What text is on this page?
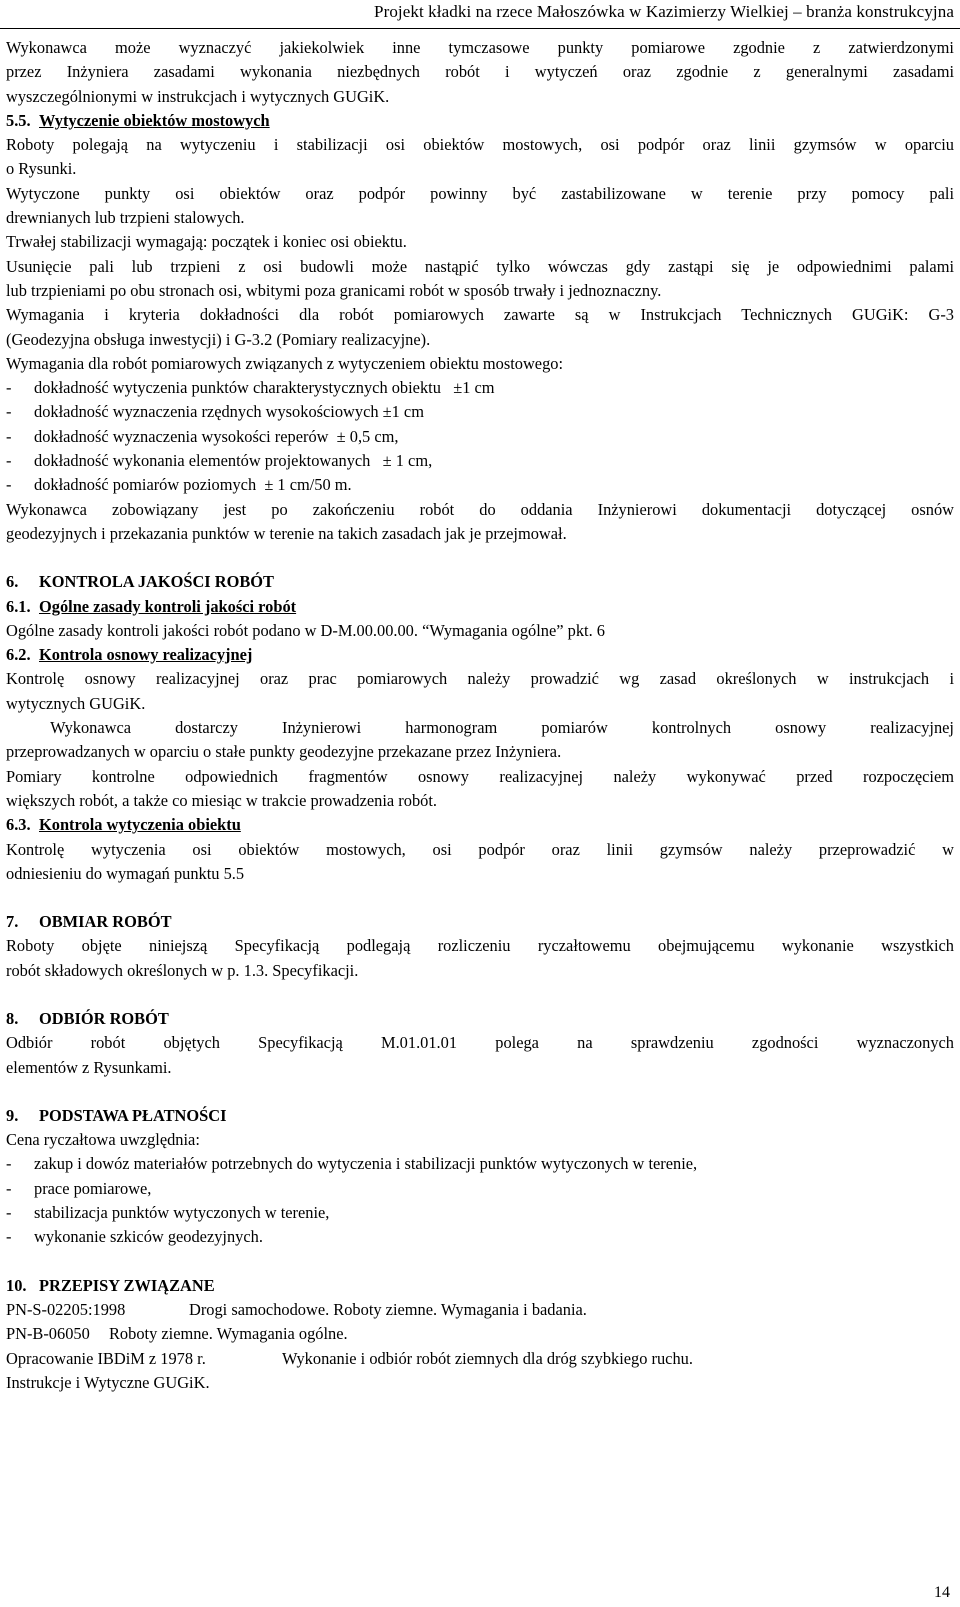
Projekt kładki na rzece Małoszówka w Kazimierzy Wielkiej – branża konstrukcyjna
Wykonawca może wyznaczyć jakiekolwiek inne tymczasowe punkty pomiarowe zgodnie z zatwierdzonymi
przez Inżyniera zasadami wykonania niezbędnych robót i wytyczeń oraz zgodnie z generalnymi zasadami
wyszczególnionymi w instrukcjach i wytycznych GUGiK.
5.5. Wytyczenie obiektów mostowych
Roboty polegają na wytyczeniu i stabilizacji osi obiektów mostowych, osi podpór oraz linii gzymsów w oparciu
o Rysunki.
Wytyczone punkty osi obiektów oraz podpór powinny być zastabilizowane w terenie przy pomocy pali
drewnianych lub trzpieni stalowych.
Trwałej stabilizacji wymagają: początek i koniec osi obiektu.
Usunięcie pali lub trzpieni z osi budowli może nastąpić tylko wówczas gdy zastąpi się je odpowiednimi palami
lub trzpieniami po obu stronach osi, wbitymi poza granicami robót w sposób trwały i jednoznaczny.
Wymagania i kryteria dokładności dla robót pomiarowych zawarte są w Instrukcjach Technicznych GUGiK: G-3
(Geodezyjna obsługa inwestycji) i G-3.2 (Pomiary realizacyjne).
Wymagania dla robót pomiarowych związanych z wytyczeniem obiektu mostowego:
- dokładność wytyczenia punktów charakterystycznych obiektu   ±1 cm
- dokładność wyznaczenia rzędnych wysokościowych ±1 cm
- dokładność wyznaczenia wysokości reperów  ± 0,5 cm,
- dokładność wykonania elementów projektowanych   ± 1 cm,
- dokładność pomiarów poziomych  ± 1 cm/50 m.
Wykonawca zobowiązany jest po zakończeniu robót do oddania Inżynierowi dokumentacji dotyczącej osnów
geodezyjnych i przekazania punktów w terenie na takich zasadach jak je przejmował.
6. KONTROLA JAKOŚCI ROBÓT
6.1. Ogólne zasady kontroli jakości robót
Ogólne zasady kontroli jakości robót podano w D-M.00.00.00. “Wymagania ogólne” pkt. 6
6.2. Kontrola osnowy realizacyjnej
Kontrolę osnowy realizacyjnej oraz prac pomiarowych należy prowadzić wg zasad określonych w instrukcjach i
wytycznych GUGiK.
Wykonawca dostarczy Inżynierowi harmonogram pomiarów kontrolnych osnowy realizacyjnej
przeprowadzanych w oparciu o stałe punkty geodezyjne przekazane przez Inżyniera.
Pomiary kontrolne odpowiednich fragmentów osnowy realizacyjnej należy wykonywać przed rozpoczęciem
większych robót, a także co miesiąc w trakcie prowadzenia robót.
6.3. Kontrola wytyczenia obiektu
Kontrolę wytyczenia osi obiektów mostowych, osi podpór oraz linii gzymsów należy przeprowadzić w
odniesieniu do wymagań punktu 5.5
7. OBMIAR ROBÓT
Roboty objęte niniejszą Specyfikacją podlegają rozliczeniu ryczałtowemu obejmującemu wykonanie wszystkich
robót składowych określonych w p. 1.3. Specyfikacji.
8. ODBIÓR ROBÓT
Odbiór robót objętych Specyfikacją M.01.01.01 polega na sprawdzeniu zgodności wyznaczonych
elementów z Rysunkami.
9. PODSTAWA PŁATNOŚCI
Cena ryczałtowa uwzględnia:
- zakup i dowóz materiałów potrzebnych do wytyczenia i stabilizacji punktów wytyczonych w terenie,
- prace pomiarowe,
- stabilizacja punktów wytyczonych w terenie,
- wykonanie szkiców geodezyjnych.
10. PRZEPISY ZWIĄZANE
PN-S-02205:1998	Drogi samochodowe. Roboty ziemne. Wymagania i badania.
PN-B-06050 Roboty ziemne. Wymagania ogólne.
Opracowanie IBDiM z 1978 r.	Wykonanie i odbiór robót ziemnych dla dróg szybkiego ruchu.
Instrukcje i Wytyczne GUGiK.
14
